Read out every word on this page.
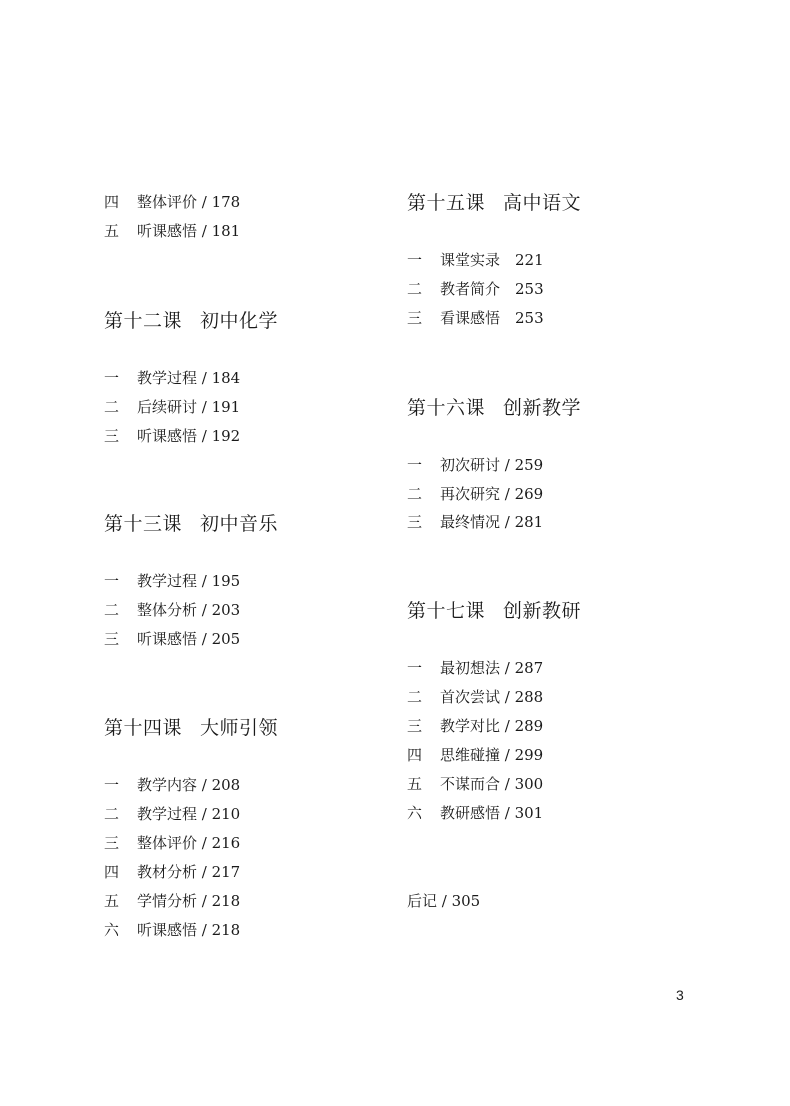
四 整体评价 / 178
五 听课感悟 / 181
第十二课 初中化学
一 教学过程 / 184
二 后续研讨 / 191
三 听课感悟 / 192
第十三课 初中音乐
一 教学过程 / 195
二 整体分析 / 203
三 听课感悟 / 205
第十四课 大师引领
一 教学内容 / 208
二 教学过程 / 210
三 整体评价 / 216
四 教材分析 / 217
五 学情分析 / 218
六 听课感悟 / 218
第十五课 高中语文
一 课堂实录　221
二 教者简介　253
三 看课感悟　253
第十六课 创新教学
一 初次研讨 / 259
二 再次研究 / 269
三 最终情况 / 281
第十七课 创新教研
一 最初想法 / 287
二 首次尝试 / 288
三 教学对比 / 289
四 思维碰撞 / 299
五 不谋而合 / 300
六 教研感悟 / 301
后记 / 305
3
